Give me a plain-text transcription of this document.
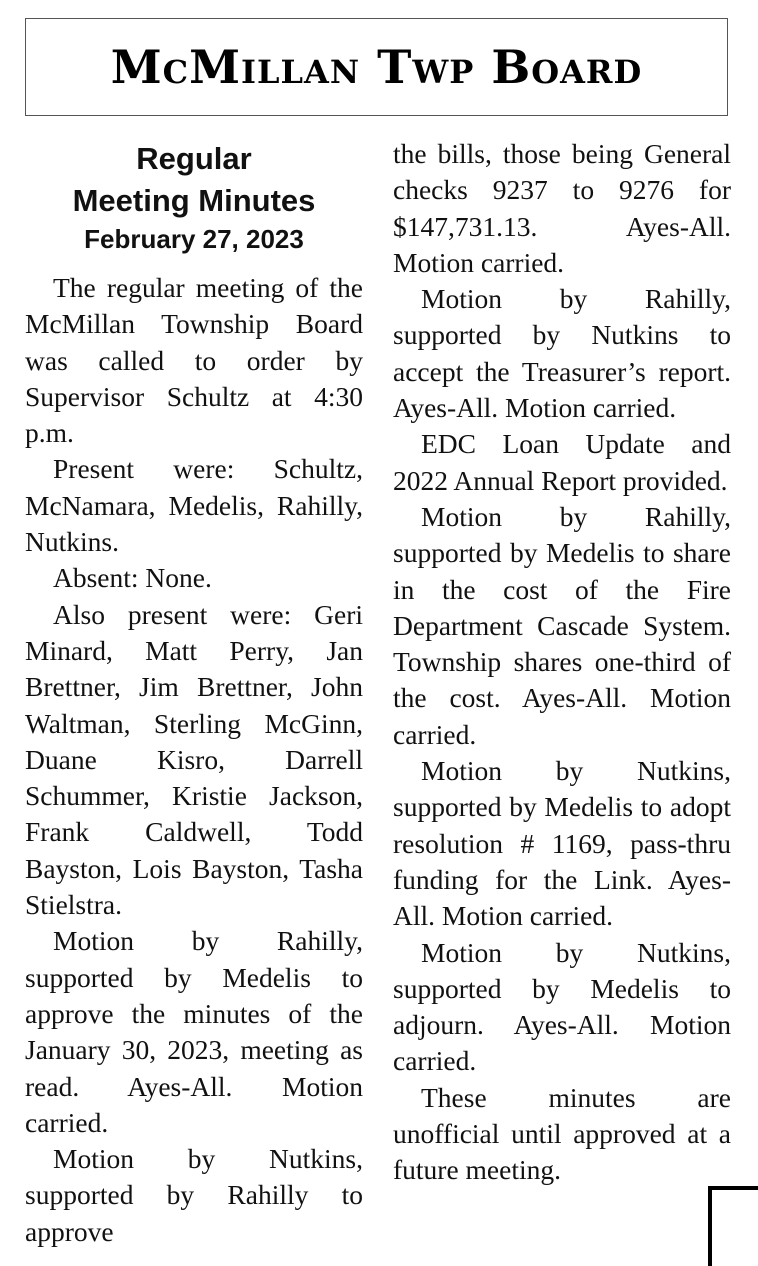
McMillan Twp Board
Regular
Meeting Minutes
February 27, 2023

The regular meeting of the McMillan Township Board was called to order by Supervisor Schultz at 4:30 p.m.

Present were: Schultz, McNamara, Medelis, Rahilly, Nutkins.

Absent: None.

Also present were: Geri Minard, Matt Perry, Jan Brettner, Jim Brettner, John Waltman, Sterling McGinn, Duane Kisro, Darrell Schummer, Kristie Jackson, Frank Caldwell, Todd Bayston, Lois Bayston, Tasha Stielstra.

Motion by Rahilly, supported by Medelis to approve the minutes of the January 30, 2023, meeting as read. Ayes-All. Motion carried.

Motion by Nutkins, supported by Rahilly to approve

the bills, those being General checks 9237 to 9276 for $147,731.13. Ayes-All. Motion carried.

Motion by Rahilly, supported by Nutkins to accept the Treasurer’s report. Ayes-All. Motion carried.

EDC Loan Update and 2022 Annual Report provided.

Motion by Rahilly, supported by Medelis to share in the cost of the Fire Department Cascade System. Township shares one-third of the cost. Ayes-All. Motion carried.

Motion by Nutkins, supported by Medelis to adopt resolution # 1169, pass-thru funding for the Link. Ayes-All. Motion carried.

Motion by Nutkins, supported by Medelis to adjourn. Ayes-All. Motion carried.

These minutes are unofficial until approved at a future meeting.
